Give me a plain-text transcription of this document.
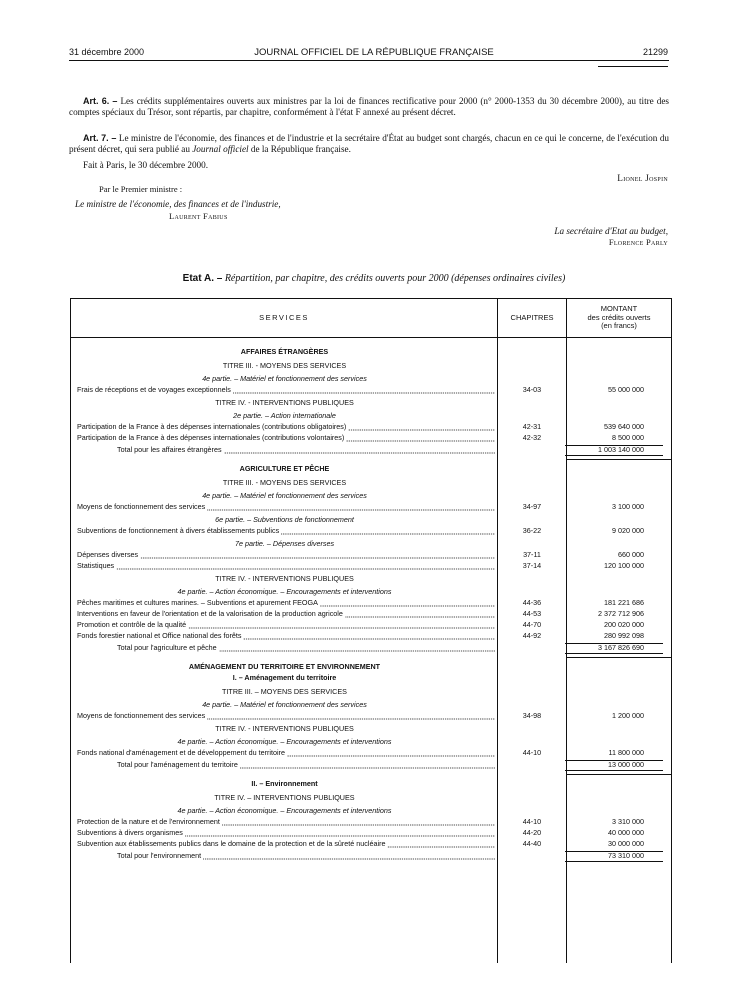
31 décembre 2000	JOURNAL OFFICIEL DE LA RÉPUBLIQUE FRANÇAISE	21299

Art. 6. – Les crédits supplémentaires ouverts aux ministres par la loi de finances rectificative pour 2000 (n° 2000-1353 du 30 décembre 2000), au titre des comptes spéciaux du Trésor, sont répartis, par chapitre, conformément à l'état F annexé au présent décret.

Art. 7. – Le ministre de l'économie, des finances et de l'industrie et la secrétaire d'État au budget sont chargés, chacun en ce qui le concerne, de l'exécution du présent décret, qui sera publié au Journal officiel de la République française.

Fait à Paris, le 30 décembre 2000.
Lionel Jospin
Par le Premier ministre :
Le ministre de l'économie, des finances et de l'industrie,
Laurent Fabius
La secrétaire d'Etat au budget,
Florence Parly
Etat A. – Répartition, par chapitre, des crédits ouverts pour 2000 (dépenses ordinaires civiles)
SERVICES	CHAPITRES
MONTANT
des crédits ouverts
(en francs)
AFFAIRES ÉTRANGÈRES
TITRE III. - MOYENS DES SERVICES
4e partie. – Matériel et fonctionnement des services
Frais de réceptions et de voyages exceptionnels	34-03	55 000 000
TITRE IV. - INTERVENTIONS PUBLIQUES
2e partie. – Action internationale
Participation de la France à des dépenses internationales (contributions obligatoires)	42-31	539 640 000
Participation de la France à des dépenses internationales (contributions volontaires)	42-32	8 500 000
Total pour les affaires étrangères	1 003 140 000
AGRICULTURE ET PÊCHE
TITRE III. - MOYENS DES SERVICES
4e partie. – Matériel et fonctionnement des services
Moyens de fonctionnement des services	34-97	3 100 000
6e partie. – Subventions de fonctionnement
Subventions de fonctionnement à divers établissements publics	36-22	9 020 000
7e partie. – Dépenses diverses
Dépenses diverses	37-11	660 000
Statistiques	37-14	120 100 000
TITRE IV. - INTERVENTIONS PUBLIQUES
4e partie. – Action économique. – Encouragements et interventions
Pêches maritimes et cultures marines. – Subventions et apurement FEOGA	44-36	181 221 686
Interventions en faveur de l'orientation et de la valorisation de la production agricole	44-53	2 372 712 906
Promotion et contrôle de la qualité	44-70	200 020 000
Fonds forestier national et Office national des forêts	44-92	280 992 098
Total pour l'agriculture et pêche	3 167 826 690
AMÉNAGEMENT DU TERRITOIRE ET ENVIRONNEMENT
I. – Aménagement du territoire
TITRE III. – MOYENS DES SERVICES
4e partie. – Matériel et fonctionnement des services
Moyens de fonctionnement des services	34-98	1 200 000
TITRE IV. - INTERVENTIONS PUBLIQUES
4e partie. – Action économique. – Encouragements et interventions
Fonds national d'aménagement et de développement du territoire	44-10	11 800 000
Total pour l'aménagement du territoire	13 000 000
II. – Environnement
TITRE IV. – INTERVENTIONS PUBLIQUES
4e partie. – Action économique. – Encouragements et interventions
Protection de la nature et de l'environnement	44-10	3 310 000
Subventions à divers organismes	44-20	40 000 000
Subvention aux établissements publics dans le domaine de la protection et de la sûreté nucléaire	44-40	30 000 000
Total pour l'environnement	73 310 000
